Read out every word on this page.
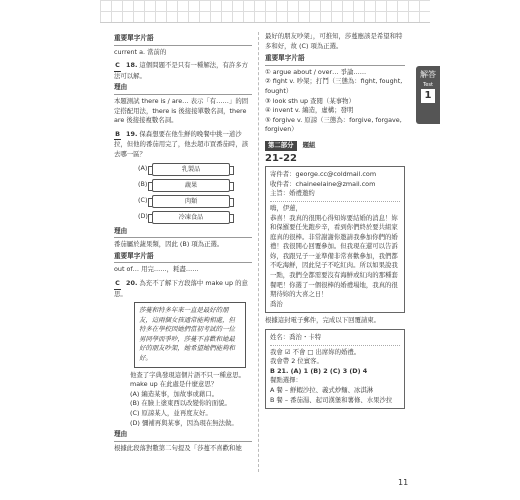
解答
Test
1
重要單字片語

current a. 當前的

C 18. 這個問題不是只有一種解法，有許多方法可以解。

理由

本題測試 there is / are… 表示「有……」的固定搭配用法，there is 後接接單數名詞，there are 後接接複數名詞。

B 19. 保森想要在他生鮮的晚餐中挑一道沙拉，但他的番茄用完了，他去超市買番茄時，該去哪一區？

(A)	乳製品
(B)	蔬果
(C)	肉類
(D)	冷凍食品
理由

番茄屬於蔬果類，因此 (B) 項為正選。

重要單字片語

out of… 用完……，耗盡……

C 20. 為充不了解下方段落中 make up 的意思。

莎蔓和特多年來一直是最好的朋友，這兩個女孩通常能夠相處，但特多在學校因她們當初考試的一位男同學而爭吵，莎蔓不喜歡和她最好的朋友吵架，她希望她們能夠和好。

他查了字典發現這個片語不只一種意思。make up 在此處是什麼意思？

(A) 編造某事，加故事或藉口。

(B) 在臉上塗東西以改變你的面貌。

(C) 原諒某人，並再度友好。

(D) 彌補再與某事，因為現在無法做。

理由

根據此段落對數第二句提及「莎蔓不喜歡和她

最好的朋友吵架」，可推知，莎蔓應該是希望和特多和好，故 (C) 項為正選。

重要單字片語

① argue about / over… 爭論……

② fight v. 吵架；打鬥（三態為：fight, fought, fought）

③ look sth up 查閱（某事物）

④ invent v. 編造，虛構；發明

⑤ forgive v. 原諒（三態為：forgive, forgave, forgiven）

第二部分 題組

21-22

寄件者：george.cc@coldmail.com

收件者：chaineelaine@zmail.com

主旨：婚禮邀約

嗨，伊蓮，

恭喜！我真的很開心得知妳要結婚的消息！妳和保羅要任先跑步辛，看到你們終於要共組家庭真的很棒。非常謝謝你邀請我參加你們的婚禮！我很開心回覆參加。但我現在還可以告訴妳，我跟兄子一並準備非常喜歡參加，我們都不吃海鮮，因此兒子不吃紅肉。所以如果說我一點，我們全都需要沒有海鮮或紅肉的那種套餐吧！你選了一個很棒的婚禮場地，我真的很期待妳的大喜之日！

喬治

根據這封電子郵件，完成以下回覆請柬。

姓名：喬治・卡特

我會 ☑ 不會 □ 出席妳的婚禮。

我會帶 2 位賓客。

B 21. (A) 1 (B) 2 (C) 3 (D) 4

餐點選擇：

A 餐 – 鮮蝦沙拉、義式炒麵、冰淇淋

B 餐 – 番茄湯、起司漢堡和薯條、水果沙拉

11
